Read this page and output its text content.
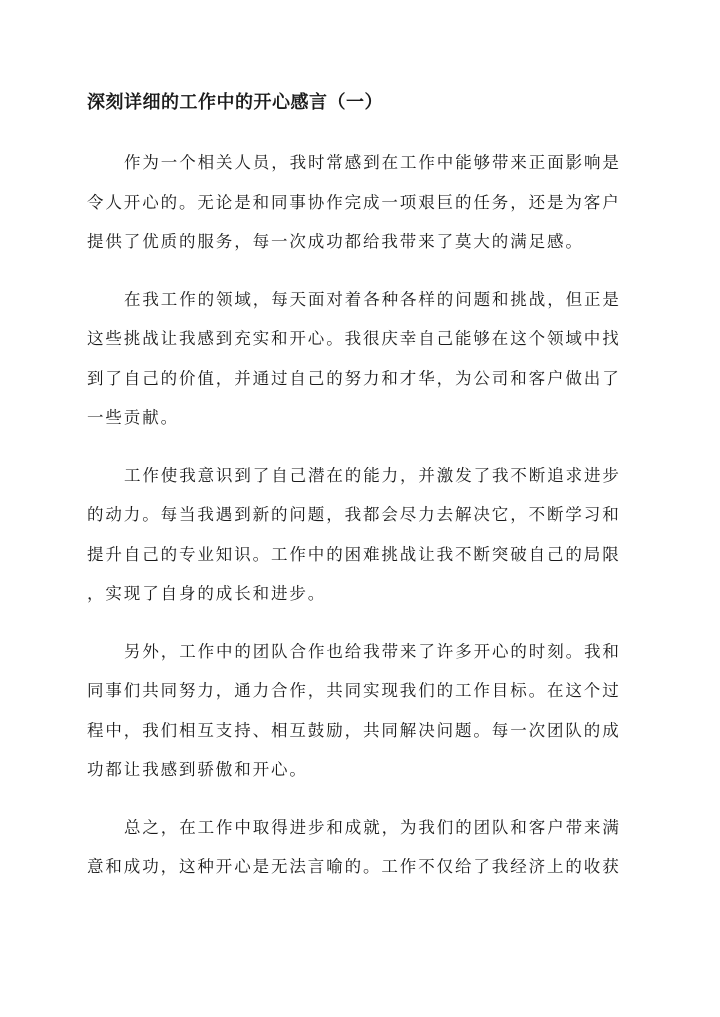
深刻详细的工作中的开心感言（一）

作为一个相关人员，我时常感到在工作中能够带来正面影响是
令人开心的。无论是和同事协作完成一项艰巨的任务，还是为客户
提供了优质的服务，每一次成功都给我带来了莫大的满足感。

在我工作的领域，每天面对着各种各样的问题和挑战，但正是
这些挑战让我感到充实和开心。我很庆幸自己能够在这个领域中找
到了自己的价值，并通过自己的努力和才华，为公司和客户做出了
一些贡献。

工作使我意识到了自己潜在的能力，并激发了我不断追求进步
的动力。每当我遇到新的问题，我都会尽力去解决它，不断学习和
提升自己的专业知识。工作中的困难挑战让我不断突破自己的局限
，实现了自身的成长和进步。

另外，工作中的团队合作也给我带来了许多开心的时刻。我和
同事们共同努力，通力合作，共同实现我们的工作目标。在这个过
程中，我们相互支持、相互鼓励，共同解决问题。每一次团队的成
功都让我感到骄傲和开心。

总之，在工作中取得进步和成就，为我们的团队和客户带来满
意和成功，这种开心是无法言喻的。工作不仅给了我经济上的收获
